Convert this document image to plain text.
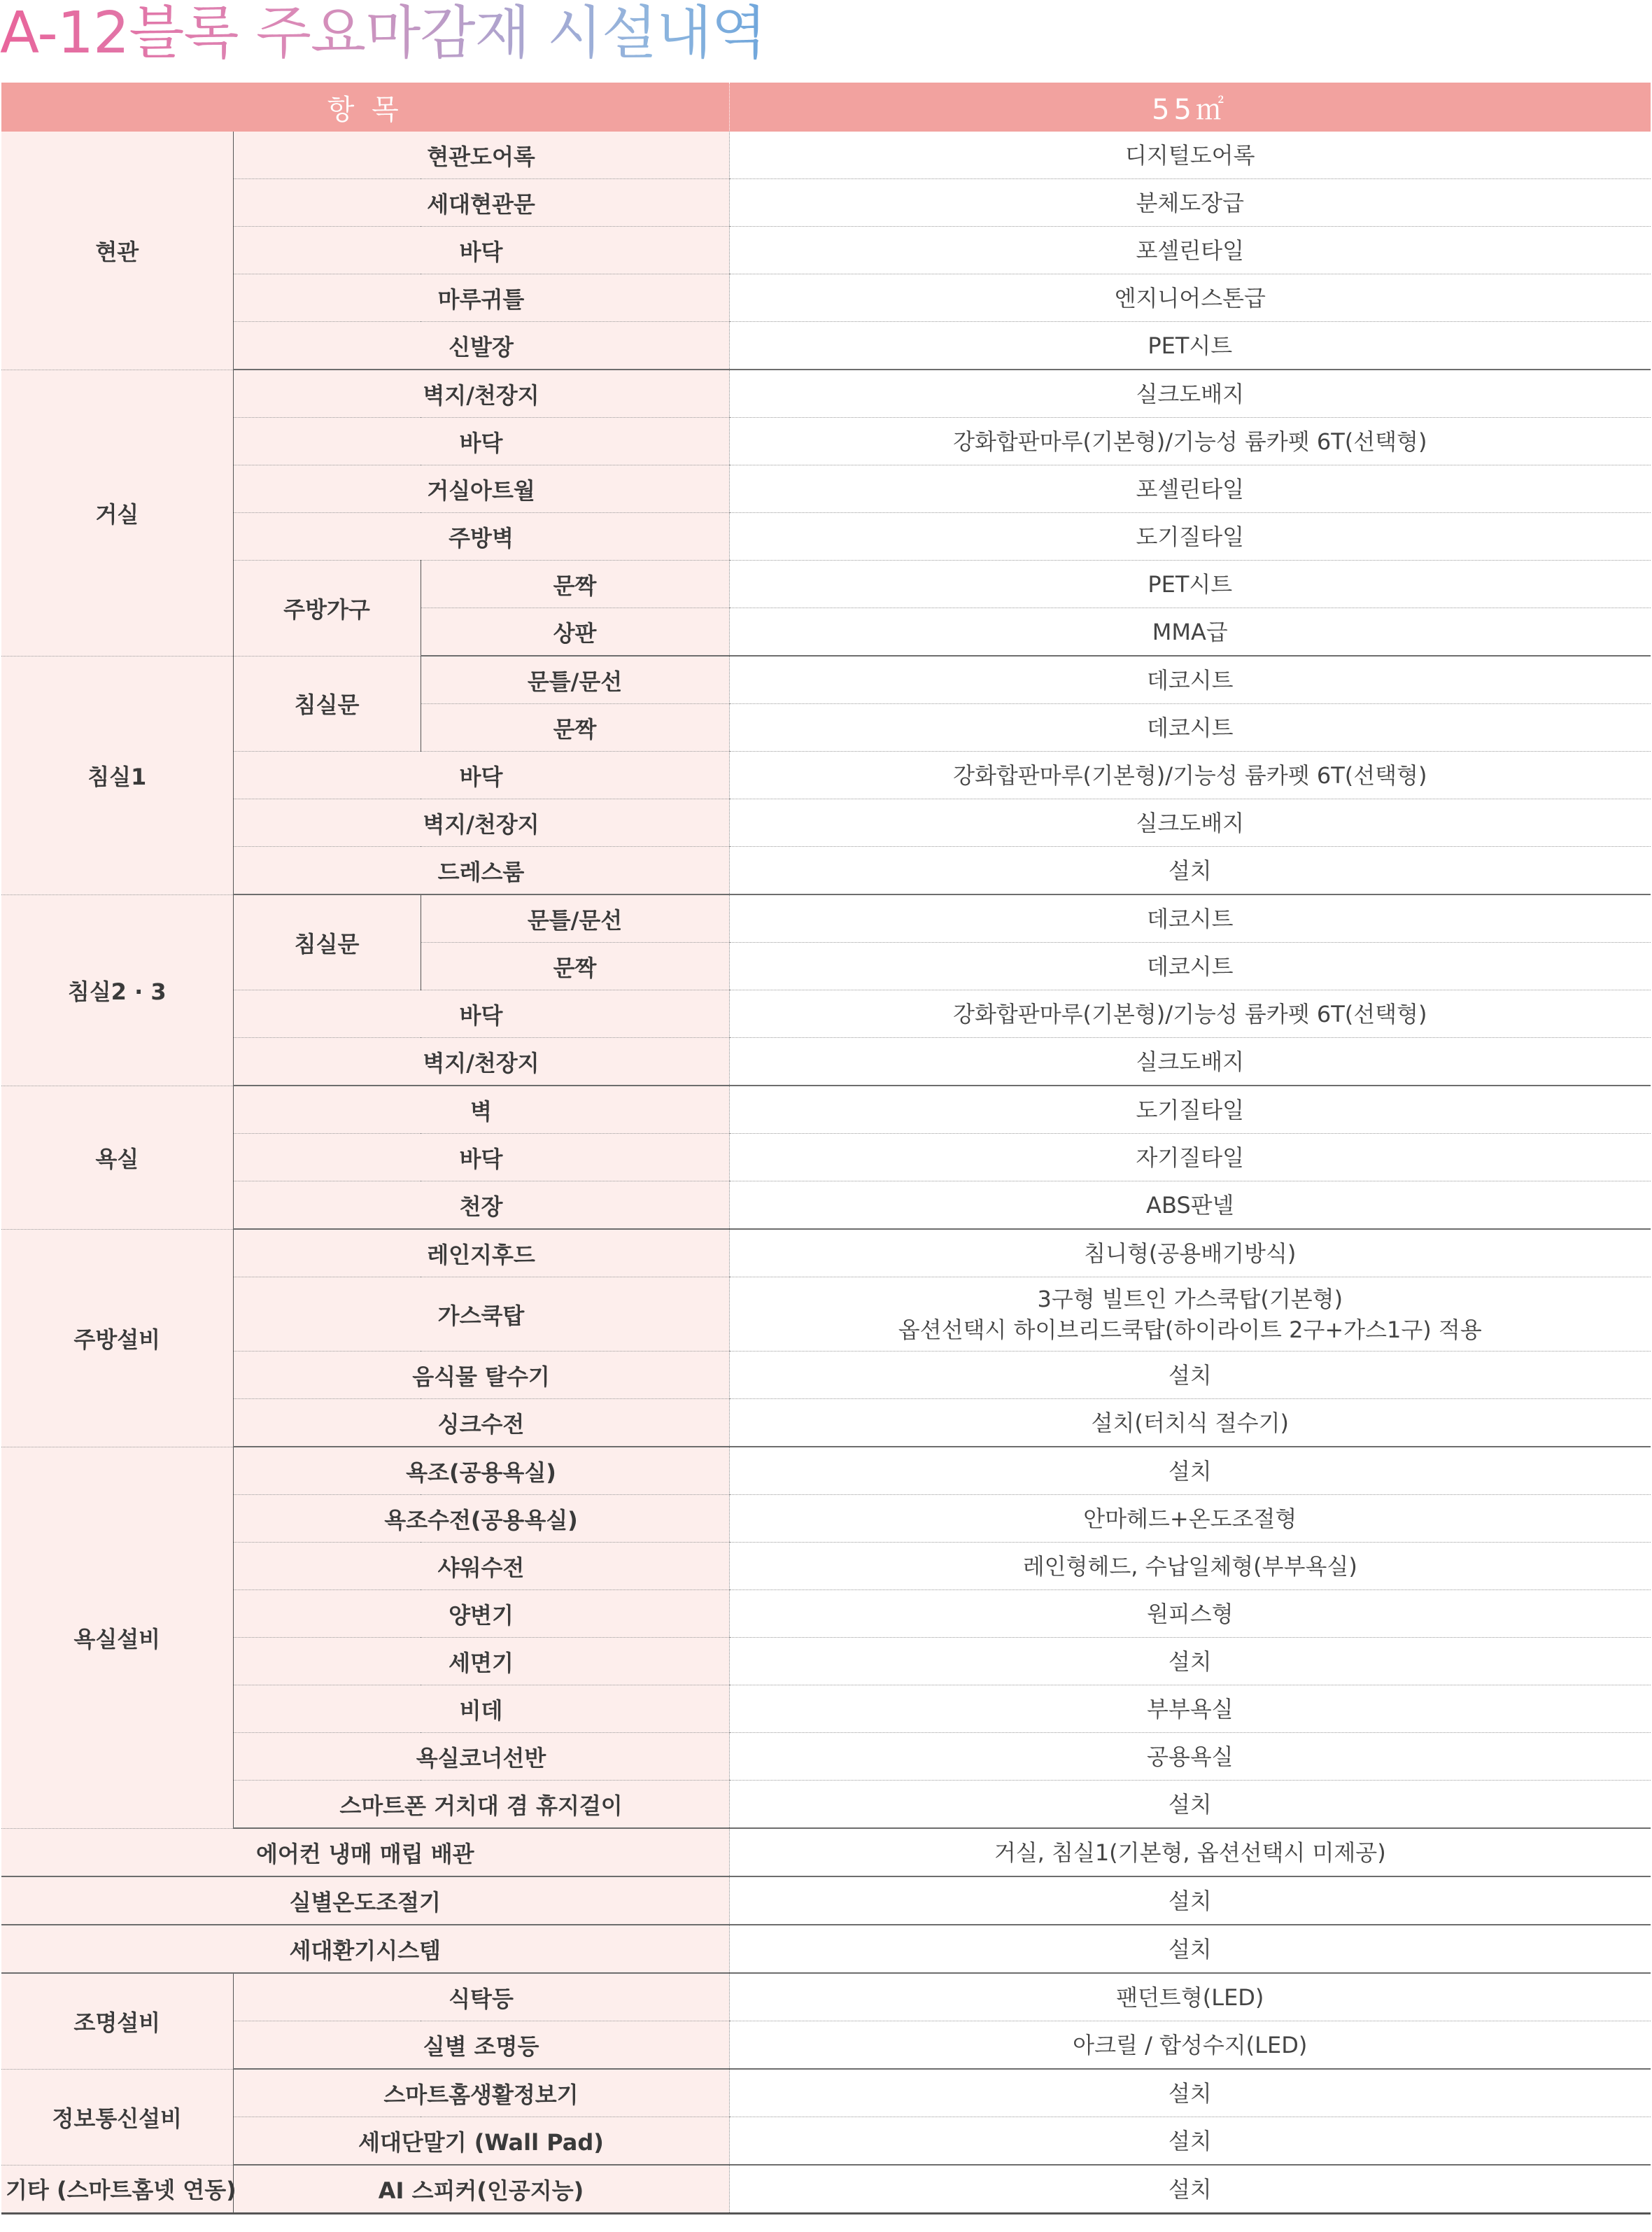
A-12블록 주요마감재 시설내역
항 목			55㎡
현관	현관도어록		디지털도어록
	세대현관문		분체도장급
	바닥		포셀린타일
	마루귀틀		엔지니어스톤급
	신발장		PET시트
거실	벽지/천장지		실크도배지
	바닥		강화합판마루(기본형)/기능성 륨카펫 6T(선택형)
	거실아트월		포셀린타일
	주방벽		도기질타일
	주방가구	문짝	PET시트
		상판	MMA급
침실1	침실문	문틀/문선	데코시트
		문짝	데코시트
	바닥		강화합판마루(기본형)/기능성 륨카펫 6T(선택형)
	벽지/천장지		실크도배지
	드레스룸		설치
침실2 · 3	침실문	문틀/문선	데코시트
		문짝	데코시트
	바닥		강화합판마루(기본형)/기능성 륨카펫 6T(선택형)
	벽지/천장지		실크도배지
욕실	벽		도기질타일
	바닥		자기질타일
	천장		ABS판넬
주방설비	레인지후드		침니형(공용배기방식)
	가스쿡탑		3구형 빌트인 가스쿡탑(기본형)
옵션선택시 하이브리드쿡탑(하이라이트 2구+가스1구) 적용
	음식물 탈수기		설치
	싱크수전		설치(터치식 절수기)
욕실설비	욕조(공용욕실)		설치
	욕조수전(공용욕실)		안마헤드+온도조절형
	샤워수전		레인형헤드, 수납일체형(부부욕실)
	양변기		원피스형
	세면기		설치
	비데		부부욕실
	욕실코너선반		공용욕실
	스마트폰 거치대 겸 휴지걸이		설치
에어컨 냉매 매립 배관			거실, 침실1(기본형, 옵션선택시 미제공)
실별온도조절기			설치
세대환기시스템			설치
조명설비	식탁등		팬던트형(LED)
	실별 조명등		아크릴 / 합성수지(LED)
정보통신설비	스마트홈생활정보기		설치
	세대단말기 (Wall Pad)		설치
기타 (스마트홈넷 연동)	AI 스피커(인공지능)		설치
